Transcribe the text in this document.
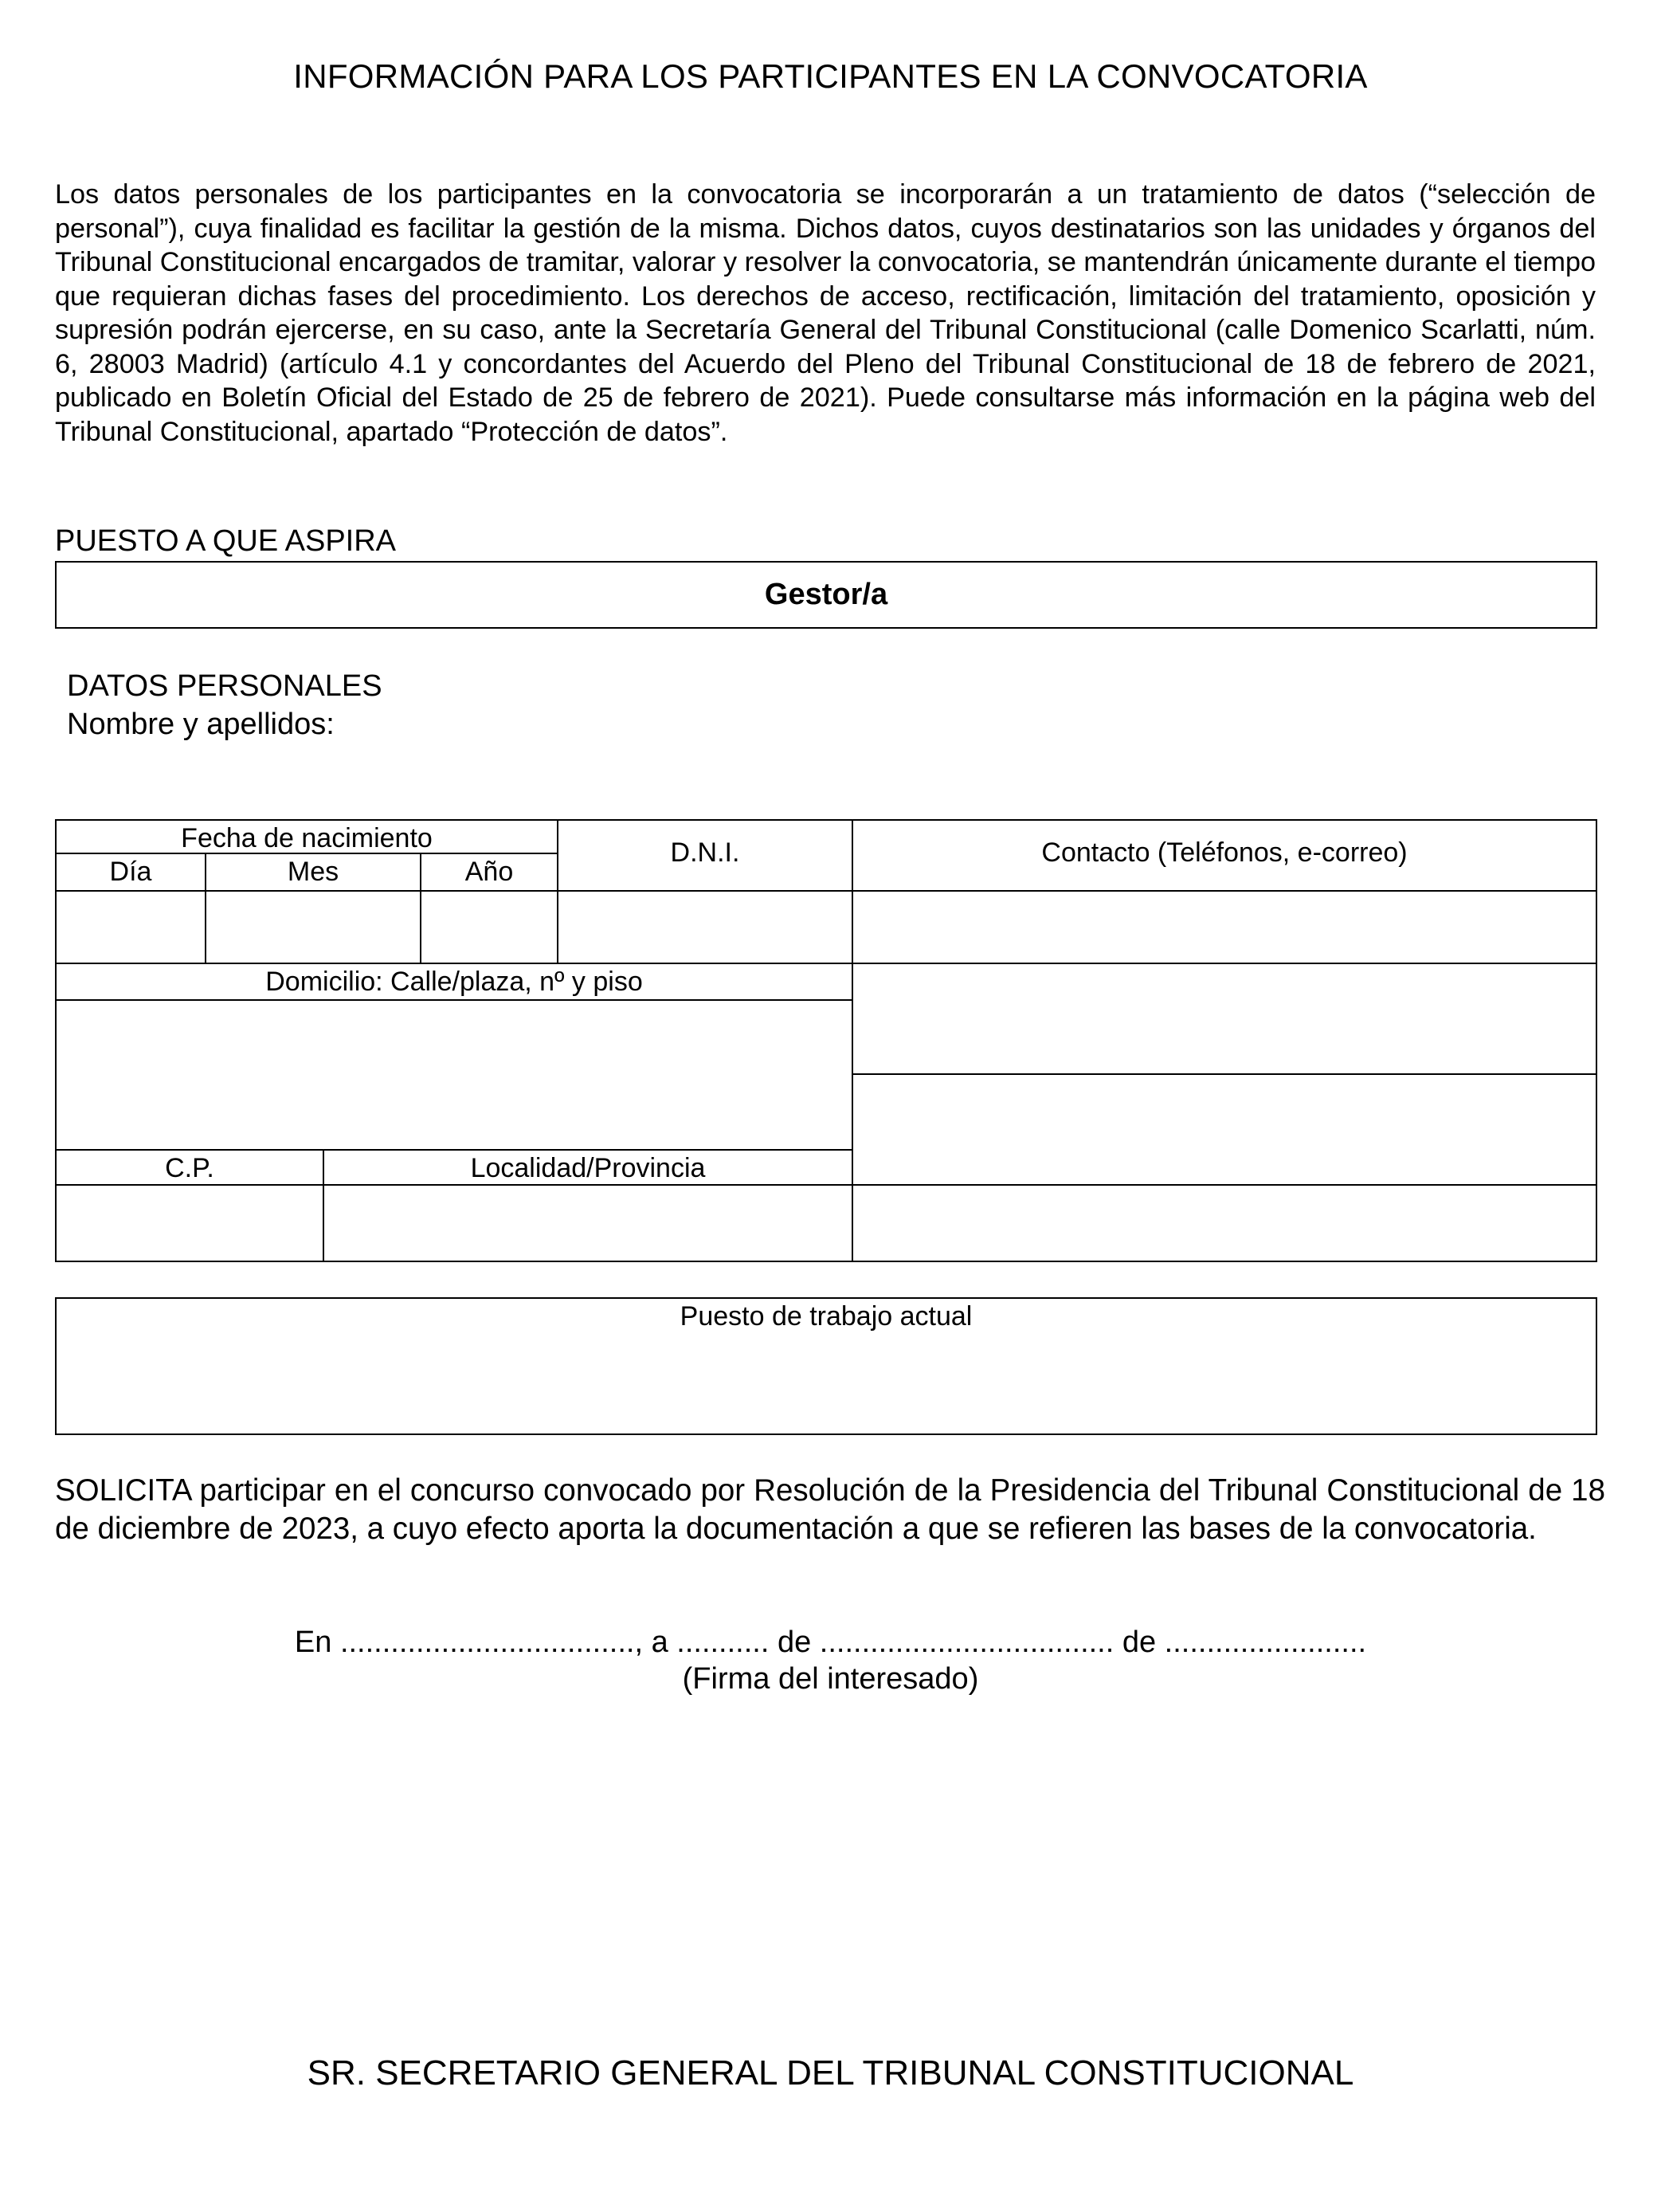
INFORMACIÓN PARA LOS PARTICIPANTES EN LA CONVOCATORIA

Los datos personales de los participantes en la convocatoria se incorporarán a un tratamiento de datos (“selección de personal”), cuya finalidad es facilitar la gestión de la misma. Dichos datos, cuyos destinatarios son las unidades y órganos del Tribunal Constitucional encargados de tramitar, valorar y resolver la convocatoria, se mantendrán únicamente durante el tiempo que requieran dichas fases del procedimiento. Los derechos de acceso, rectificación, limitación del tratamiento, oposición y supresión podrán ejercerse, en su caso, ante la Secretaría General del Tribunal Constitucional (calle Domenico Scarlatti, núm. 6, 28003 Madrid) (artículo 4.1 y concordantes del Acuerdo del Pleno del Tribunal Constitucional de 18 de febrero de 2021, publicado en Boletín Oficial del Estado de 25 de febrero de 2021). Puede consultarse más información en la página web del Tribunal Constitucional, apartado “Protección de datos”.

PUESTO A QUE ASPIRA
Gestor/a
DATOS PERSONALES
Nombre y apellidos:
Fecha de nacimiento
Día	Mes	Año
D.N.I.	Contacto (Teléfonos, e-correo)
Domicilio: Calle/plaza, nº y piso
C.P.	Localidad/Provincia
Puesto de trabajo actual

SOLICITA participar en el concurso convocado por Resolución de la Presidencia del Tribunal Constitucional de 18 de diciembre de 2023, a cuyo efecto aporta la documentación a que se refieren las bases de la convocatoria.

En ..................................., a ........... de ................................... de ........................
(Firma del interesado)
SR. SECRETARIO GENERAL DEL TRIBUNAL CONSTITUCIONAL
